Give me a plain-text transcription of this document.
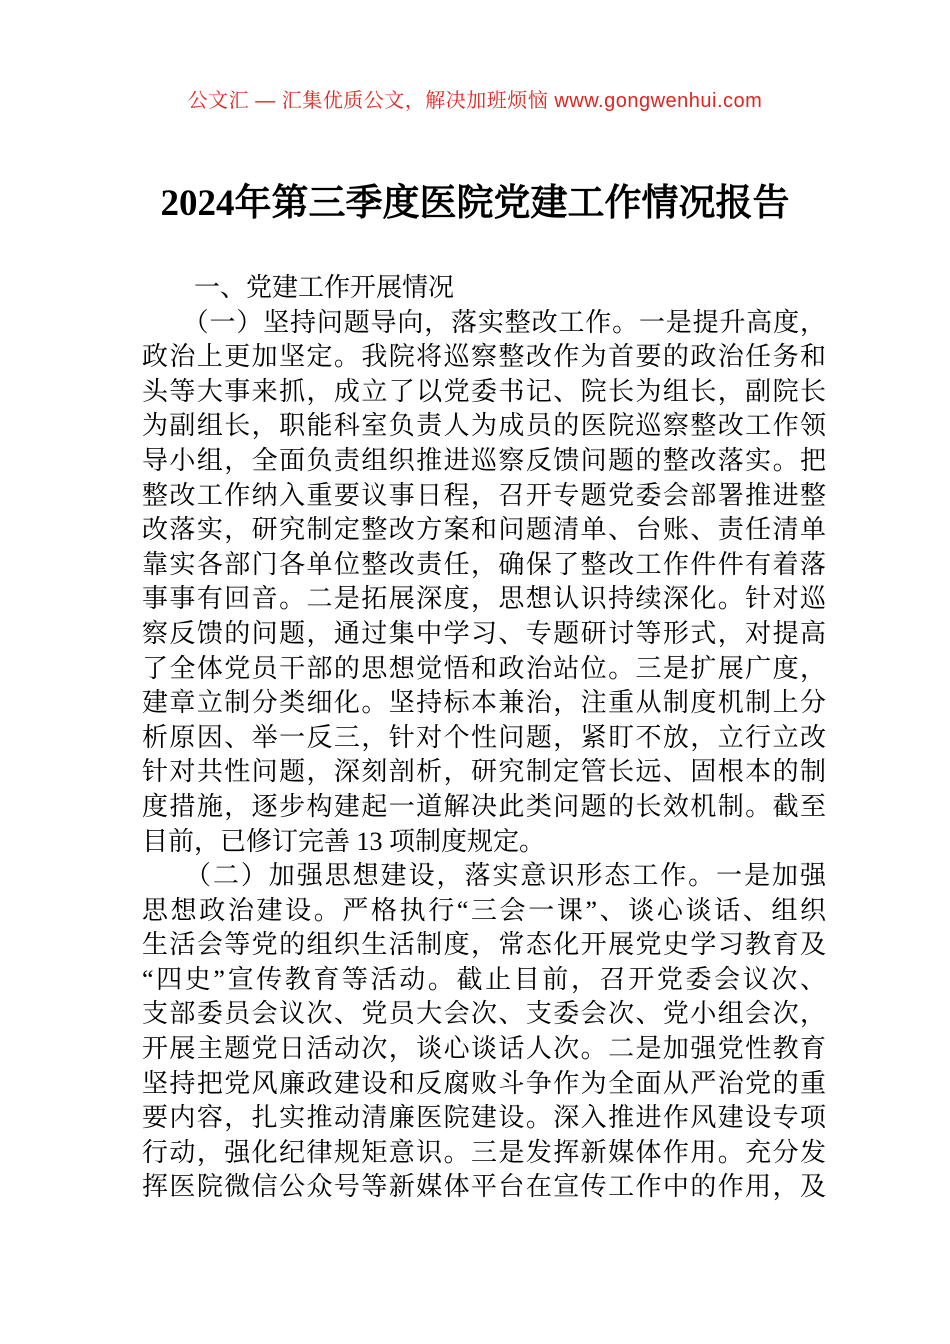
公文汇 — 汇集优质公文，解决加班烦恼 www.gongwenhui.com
2024年第三季度医院党建工作情况报告
　　一、党建工作开展情况
　　（一）坚持问题导向，落实整改工作。一是提升高度，
政治上更加坚定。我院将巡察整改作为首要的政治任务和
头等大事来抓，成立了以党委书记、院长为组长，副院长
为副组长，职能科室负责人为成员的医院巡察整改工作领
导小组，全面负责组织推进巡察反馈问题的整改落实。把
整改工作纳入重要议事日程，召开专题党委会部署推进整
改落实，研究制定整改方案和问题清单、台账、责任清单
靠实各部门各单位整改责任，确保了整改工作件件有着落
事事有回音。二是拓展深度，思想认识持续深化。针对巡
察反馈的问题，通过集中学习、专题研讨等形式，对提高
了全体党员干部的思想觉悟和政治站位。三是扩展广度，
建章立制分类细化。坚持标本兼治，注重从制度机制上分
析原因、举一反三，针对个性问题，紧盯不放，立行立改
针对共性问题，深刻剖析，研究制定管长远、固根本的制
度措施，逐步构建起一道解决此类问题的长效机制。截至
目前，已修订完善 13 项制度规定。
　　（二）加强思想建设，落实意识形态工作。一是加强
思想政治建设。严格执行“三会一课”、谈心谈话、组织
生活会等党的组织生活制度，常态化开展党史学习教育及
“四史”宣传教育等活动。截止目前，召开党委会议次、
支部委员会议次、党员大会次、支委会次、党小组会次，
开展主题党日活动次，谈心谈话人次。二是加强党性教育
坚持把党风廉政建设和反腐败斗争作为全面从严治党的重
要内容，扎实推动清廉医院建设。深入推进作风建设专项
行动，强化纪律规矩意识。三是发挥新媒体作用。充分发
挥医院微信公众号等新媒体平台在宣传工作中的作用，及
